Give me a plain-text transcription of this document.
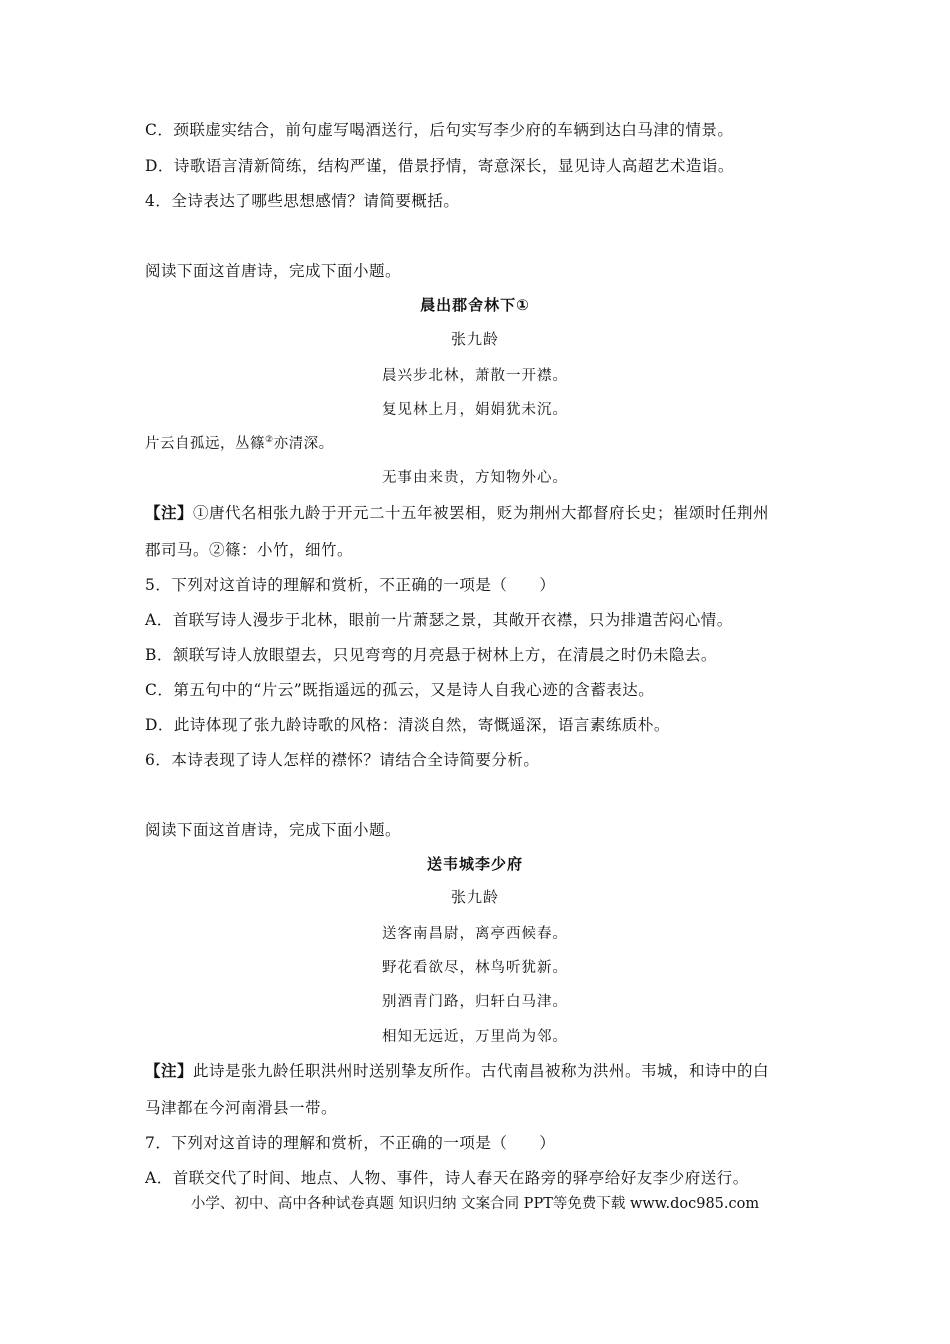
C．颈联虚实结合，前句虚写喝酒送行，后句实写李少府的车辆到达白马津的情景。
D．诗歌语言清新简练，结构严谨，借景抒情，寄意深长，显见诗人高超艺术造诣。
4．全诗表达了哪些思想感情？请简要概括。
阅读下面这首唐诗，完成下面小题。
晨出郡舍林下①
张九龄
晨兴步北林，萧散一开襟。
复见林上月，娟娟犹未沉。
片云自孤远，丛篠②亦清深。
无事由来贵，方知物外心。
【注】①唐代名相张九龄于开元二十五年被罢相，贬为荆州大都督府长史；崔颂时任荆州
郡司马。②篠：小竹，细竹。
5．下列对这首诗的理解和赏析，不正确的一项是（　　）
A．首联写诗人漫步于北林，眼前一片萧瑟之景，其敞开衣襟，只为排遣苦闷心情。
B．颔联写诗人放眼望去，只见弯弯的月亮悬于树林上方，在清晨之时仍未隐去。
C．第五句中的“片云”既指遥远的孤云，又是诗人自我心迹的含蓄表达。
D．此诗体现了张九龄诗歌的风格：清淡自然，寄慨遥深，语言素练质朴。
6．本诗表现了诗人怎样的襟怀？请结合全诗简要分析。
阅读下面这首唐诗，完成下面小题。
送韦城李少府
张九龄
送客南昌尉，离亭西候春。
野花看欲尽，林鸟听犹新。
别酒青门路，归轩白马津。
相知无远近，万里尚为邻。
【注】此诗是张九龄任职洪州时送别挚友所作。古代南昌被称为洪州。韦城，和诗中的白
马津都在今河南滑县一带。
7．下列对这首诗的理解和赏析，不正确的一项是（　　）
A．首联交代了时间、地点、人物、事件，诗人春天在路旁的驿亭给好友李少府送行。
小学、初中、高中各种试卷真题 知识归纳 文案合同 PPT等免费下载 www.doc985.com
